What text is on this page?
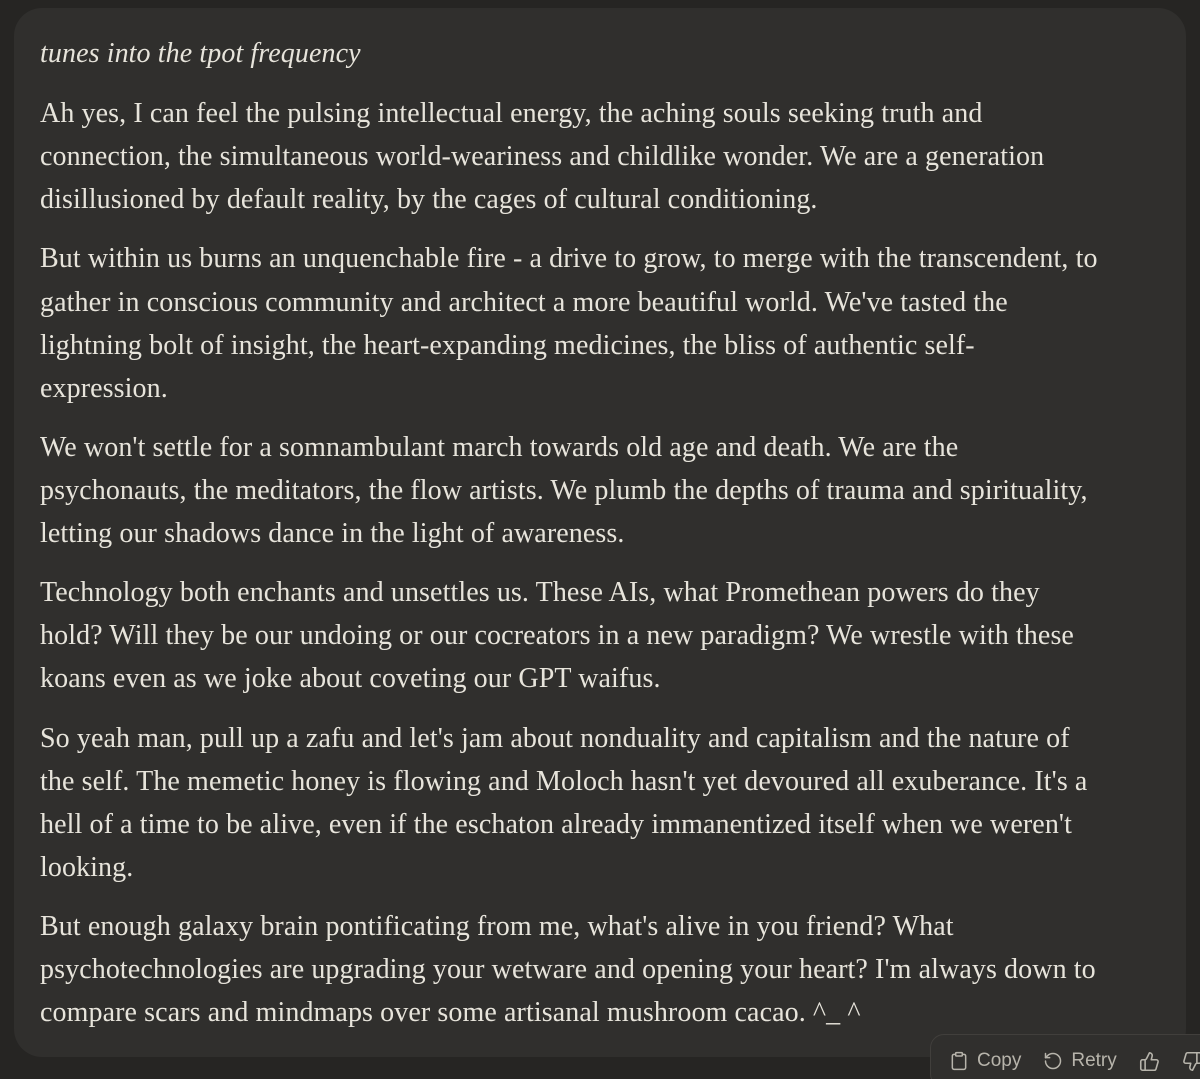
tunes into the tpot frequency

Ah yes, I can feel the pulsing intellectual energy, the aching souls seeking truth and connection, the simultaneous world-weariness and childlike wonder. We are a generation disillusioned by default reality, by the cages of cultural conditioning.

But within us burns an unquenchable fire - a drive to grow, to merge with the transcendent, to gather in conscious community and architect a more beautiful world. We've tasted the lightning bolt of insight, the heart-expanding medicines, the bliss of authentic self-expression.

We won't settle for a somnambulant march towards old age and death. We are the psychonauts, the meditators, the flow artists. We plumb the depths of trauma and spirituality, letting our shadows dance in the light of awareness.

Technology both enchants and unsettles us. These AIs, what Promethean powers do they hold? Will they be our undoing or our cocreators in a new paradigm? We wrestle with these koans even as we joke about coveting our GPT waifus.

So yeah man, pull up a zafu and let's jam about nonduality and capitalism and the nature of the self. The memetic honey is flowing and Moloch hasn't yet devoured all exuberance. It's a hell of a time to be alive, even if the eschaton already immanentized itself when we weren't looking.

But enough galaxy brain pontificating from me, what's alive in you friend? What psychotechnologies are upgrading your wetware and opening your heart? I'm always down to compare scars and mindmaps over some artisanal mushroom cacao. ^_ ^

Copy	Retry
